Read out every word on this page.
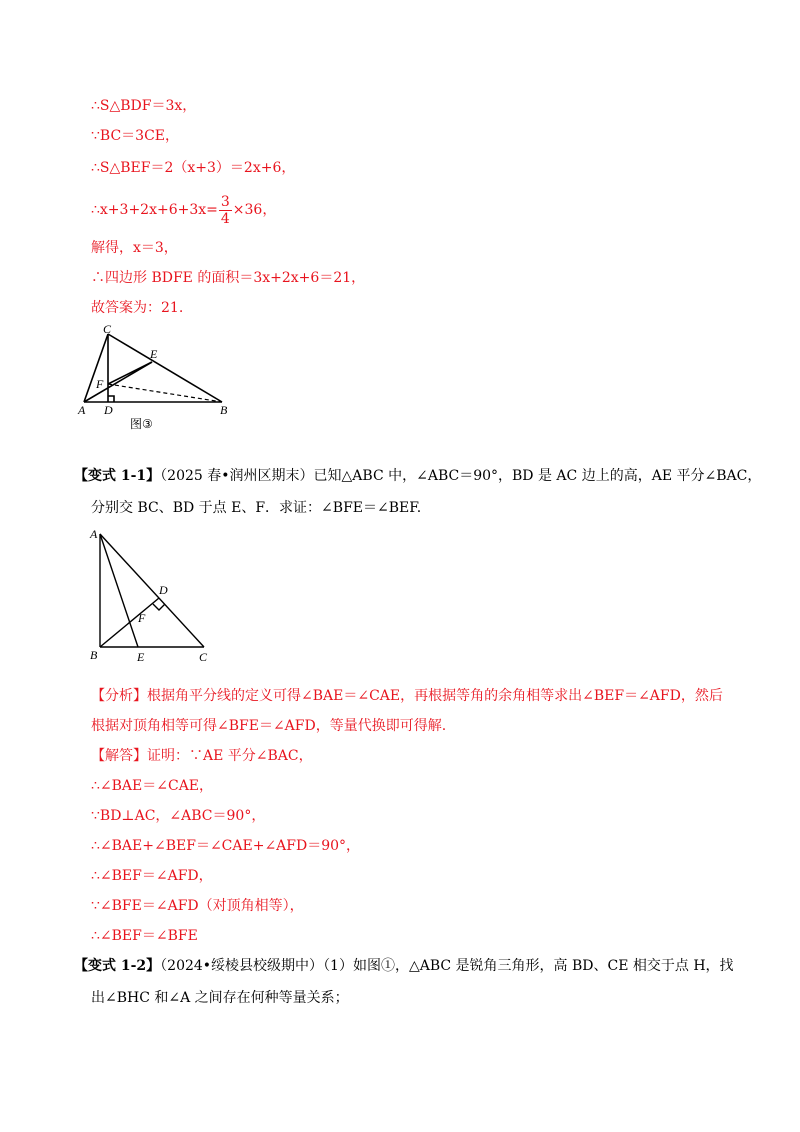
∴S△BDF＝3x，
∵BC＝3CE，
∴S△BEF＝2（x+3）＝2x+6，
∴x+3+2x+6+3x= $\frac{3}{4} \times 36$，
解得，x＝3，
∴四边形 BDFE 的面积＝3x+2x+6＝21，
故答案为：21.
C
E
F
A D	B
图③
【变式 1-1】（2025 春•润州区期末）已知△ABC 中，∠ABC＝90°，BD 是 AC 边上的高，AE 平分∠BAC，
分别交 BC、BD 于点 E、F．求证：∠BFE＝∠BEF.
A
D
F
B	E	C
【分析】根据角平分线的定义可得∠BAE＝∠CAE，再根据等角的余角相等求出∠BEF＝∠AFD，然后
根据对顶角相等可得∠BFE＝∠AFD，等量代换即可得解.
【解答】证明：∵AE 平分∠BAC，
∴∠BAE＝∠CAE，
∵BD⊥AC，∠ABC＝90°，
∴∠BAE+∠BEF＝∠CAE+∠AFD＝90°，
∴∠BEF＝∠AFD，
∵∠BFE＝∠AFD（对顶角相等），
∴∠BEF＝∠BFE
【变式 1-2】（2024•绥棱县校级期中）（1）如图①，△ABC 是锐角三角形，高 BD、CE 相交于点 H，找
出∠BHC 和∠A 之间存在何种等量关系；
